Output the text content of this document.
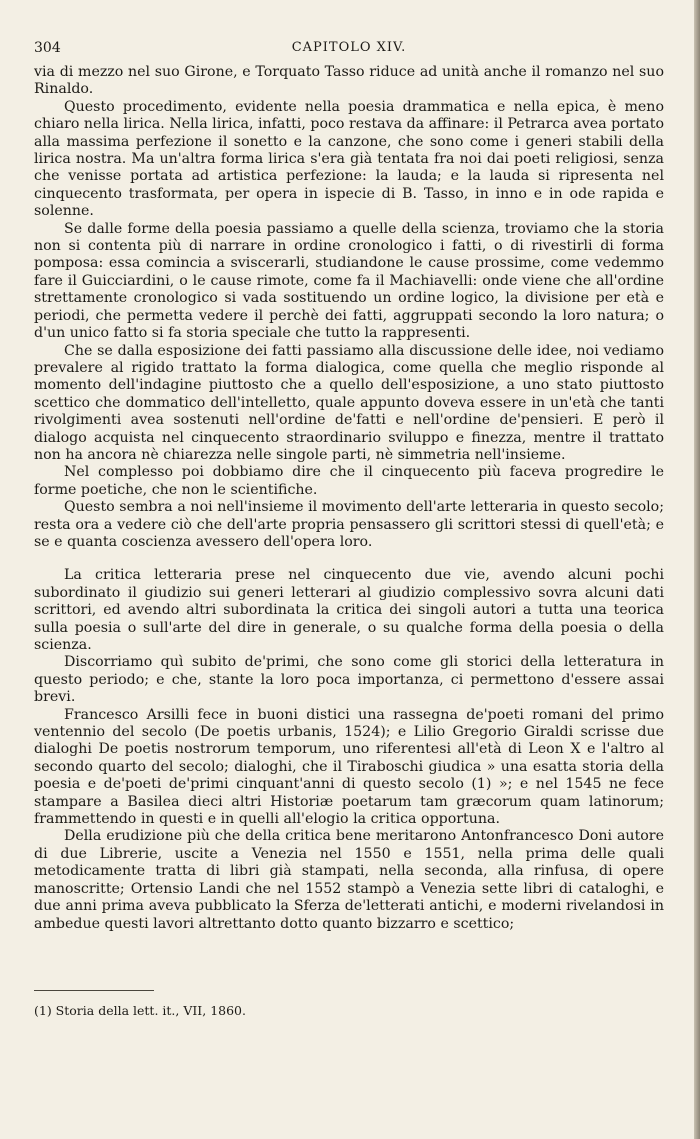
304	CAPITOLO XIV.

via di mezzo nel suo Girone, e Torquato Tasso riduce ad unità anche il romanzo nel suo Rinaldo.

Questo procedimento, evidente nella poesia drammatica e nella epica, è meno chiaro nella lirica. Nella lirica, infatti, poco restava da affinare: il Petrarca avea portato alla massima perfezione il sonetto e la canzone, che sono come i generi stabili della lirica nostra. Ma un'altra forma lirica s'era già tentata fra noi dai poeti religiosi, senza che venisse portata ad artistica perfezione: la lauda; e la lauda si ripresenta nel cinquecento trasformata, per opera in ispecie di B. Tasso, in inno e in ode rapida e solenne.

Se dalle forme della poesia passiamo a quelle della scienza, troviamo che la storia non si contenta più di narrare in ordine cronologico i fatti, o di rivestirli di forma pomposa: essa comincia a sviscerarli, studiandone le cause prossime, come vedemmo fare il Guicciardini, o le cause rimote, come fa il Machiavelli: onde viene che all'ordine strettamente cronologico si vada sostituendo un ordine logico, la divisione per età e periodi, che permetta vedere il perchè dei fatti, aggruppati secondo la loro natura; o d'un unico fatto si fa storia speciale che tutto la rappresenti.

Che se dalla esposizione dei fatti passiamo alla discussione delle idee, noi vediamo prevalere al rigido trattato la forma dialogica, come quella che meglio risponde al momento dell'indagine piuttosto che a quello dell'esposizione, a uno stato piuttosto scettico che dommatico dell'intelletto, quale appunto doveva essere in un'età che tanti rivolgimenti avea sostenuti nell'ordine de'fatti e nell'ordine de'pensieri. E però il dialogo acquista nel cinquecento straordinario sviluppo e finezza, mentre il trattato non ha ancora nè chiarezza nelle singole parti, nè simmetria nell'insieme.

Nel complesso poi dobbiamo dire che il cinquecento più faceva progredire le forme poetiche, che non le scientifiche.

Questo sembra a noi nell'insieme il movimento dell'arte letteraria in questo secolo; resta ora a vedere ciò che dell'arte propria pensassero gli scrittori stessi di quell'età; e se e quanta coscienza avessero dell'opera loro.

La critica letteraria prese nel cinquecento due vie, avendo alcuni pochi subordinato il giudizio sui generi letterari al giudizio complessivo sovra alcuni dati scrittori, ed avendo altri subordinata la critica dei singoli autori a tutta una teorica sulla poesia o sull'arte del dire in generale, o su qualche forma della poesia o della scienza.

Discorriamo quì subito de'primi, che sono come gli storici della letteratura in questo periodo; e che, stante la loro poca importanza, ci permettono d'essere assai brevi.

Francesco Arsilli fece in buoni distici una rassegna de'poeti romani del primo ventennio del secolo (De poetis urbanis, 1524); e Lilio Gregorio Giraldi scrisse due dialoghi De poetis nostrorum temporum, uno riferentesi all'età di Leon X e l'altro al secondo quarto del secolo; dialoghi, che il Tiraboschi giudica » una esatta storia della poesia e de'poeti de'primi cinquant'anni di questo secolo (1) »; e nel 1545 ne fece stampare a Basilea dieci altri Historiæ poetarum tam græcorum quam latinorum; frammettendo in questi e in quelli all'elogio la critica opportuna.

Della erudizione più che della critica bene meritarono Antonfrancesco Doni autore di due Librerie, uscite a Venezia nel 1550 e 1551, nella prima delle quali metodicamente tratta di libri già stampati, nella seconda, alla rinfusa, di opere manoscritte; Ortensio Landi che nel 1552 stampò a Venezia sette libri di cataloghi, e due anni prima aveva pubblicato la Sferza de'letterati antichi, e moderni rivelandosi in ambedue questi lavori altrettanto dotto quanto bizzarro e scettico;

(1) Storia della lett. it., VII, 1860.
